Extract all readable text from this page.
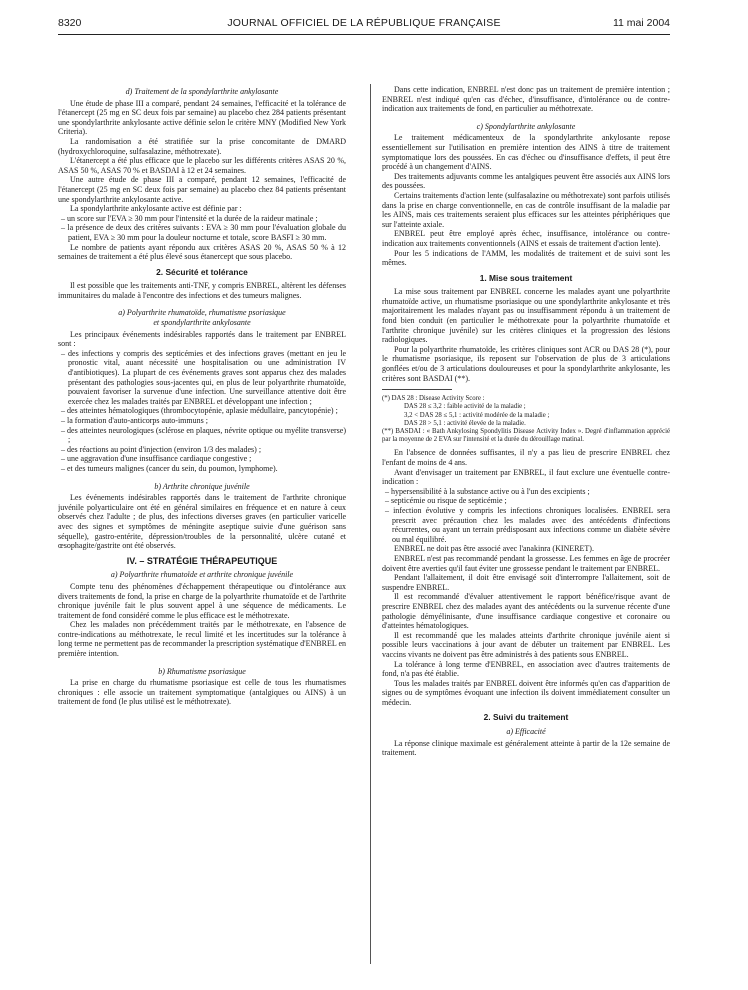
8320	JOURNAL OFFICIEL DE LA RÉPUBLIQUE FRANÇAISE	11 mai 2004
d) Traitement de la spondylarthrite ankylosante

Une étude de phase III a comparé, pendant 24 semaines, l'efficacité et la tolérance de l'étanercept (25 mg en SC deux fois par semaine) au placebo chez 284 patients présentant une spondylarthrite ankylosante active définie selon le critère MNY (Modified New York Criteria).

La randomisation a été stratifiée sur la prise concomitante de DMARD (hydroxychloroquine, sulfasalazine, méthotrexate).

L'étanercept a été plus efficace que le placebo sur les différents critères ASAS 20 %, ASAS 50 %, ASAS 70 % et BASDAI à 12 et 24 semaines.

Une autre étude de phase III a comparé, pendant 12 semaines, l'efficacité de l'étanercept (25 mg en SC deux fois par semaine) au placebo chez 84 patients présentant une spondylarthrite ankylosante active.

La spondylarthrite ankylosante active est définie par :

– un score sur l'EVA ≥ 30 mm pour l'intensité et la durée de la raideur matinale ;
– la présence de deux des critères suivants : EVA ≥ 30 mm pour l'évaluation globale du patient, EVA ≥ 30 mm pour la douleur nocturne et totale, score BASFI ≥ 30 mm.

Le nombre de patients ayant répondu aux critères ASAS 20 %, ASAS 50 % à 12 semaines de traitement a été plus élevé sous étanercept que sous placebo.

2. Sécurité et tolérance

Il est possible que les traitements anti-TNF, y compris ENBREL, altèrent les défenses immunitaires du malade à l'encontre des infections et des tumeurs malignes.

a) Polyarthrite rhumatoïde, rhumatisme psoriasique
et spondylarthrite ankylosante

Les principaux événements indésirables rapportés dans le traitement par ENBREL sont :

– des infections y compris des septicémies et des infections graves (mettant en jeu le pronostic vital, auant nécessité une hospitalisation ou une administration IV d'antibiotiques). La plupart de ces événements graves sont apparus chez des malades présentant des pathologies sous-jacentes qui, en plus de leur polyarthrite rhumatoïde, pouvaient favoriser la survenue d'une infection. Une surveillance attentive doit être exercée chez les malades traités par ENBREL et développant une infection ;
– des atteintes hématologiques (thrombocytopénie, aplasie médullaire, pancytopénie) ;
– la formation d'auto-anticorps auto-immuns ;
– des atteintes neurologiques (sclérose en plaques, névrite optique ou myélite transverse) ;
– des réactions au point d'injection (environ 1/3 des malades) ;
– une aggravation d'une insuffisance cardiaque congestive ;
– et des tumeurs malignes (cancer du sein, du poumon, lymphome).
b) Arthrite chronique juvénile

Les événements indésirables rapportés dans le traitement de l'arthrite chronique juvénile polyarticulaire ont été en général similaires en fréquence et en nature à ceux observés chez l'adulte ; de plus, des infections diverses graves (en particulier varicelle avec des signes et symptômes de méningite aseptique suivie d'une guérison sans séquelle), gastro-entérite, dépression/troubles de la personnalité, ulcère cutané et œsophagite/gastrite ont été observés.

IV. – STRATÉGIE THÉRAPEUTIQUE
a) Polyarthrite rhumatoïde et arthrite chronique juvénile

Compte tenu des phénomènes d'échappement thérapeutique ou d'intolérance aux divers traitements de fond, la prise en charge de la polyarthrite rhumatoïde et de l'arthrite chronique juvénile fait le plus souvent appel à une séquence de médicaments. Le traitement de fond considéré comme le plus efficace est le méthotrexate.

Chez les malades non précédemment traités par le méthotrexate, en l'absence de contre-indications au méthotrexate, le recul limité et les incertitudes sur la tolérance à long terme ne permettent pas de recommander la prescription systématique d'ENBREL en première intention.

b) Rhumatisme psoriasique

La prise en charge du rhumatisme psoriasique est celle de tous les rhumatismes chroniques : elle associe un traitement symptomatique (antalgiques ou AINS) à un traitement de fond (le plus utilisé est le méthotrexate).

Dans cette indication, ENBREL n'est donc pas un traitement de première intention ; ENBREL n'est indiqué qu'en cas d'échec, d'insuffisance, d'intolérance ou de contre-indication aux traitements de fond, en particulier au méthotrexate.

c) Spondylarthrite ankylosante

Le traitement médicamenteux de la spondylarthrite ankylosante repose essentiellement sur l'utilisation en première intention des AINS à titre de traitement symptomatique lors des poussées. En cas d'échec ou d'insuffisance d'effets, il peut être procédé à un changement d'AINS.

Des traitements adjuvants comme les antalgiques peuvent être associés aux AINS lors des poussées.

Certains traitements d'action lente (sulfasalazine ou méthotrexate) sont parfois utilisés dans la prise en charge conventionnelle, en cas de contrôle insuffisant de la maladie par les AINS, mais ces traitements seraient plus efficaces sur les atteintes périphériques que sur l'atteinte axiale.

ENBREL peut être employé après échec, insuffisance, intolérance ou contre-indication aux traitements conventionnels (AINS et essais de traitement d'action lente).

Pour les 5 indications de l'AMM, les modalités de traitement et de suivi sont les mêmes.

1. Mise sous traitement

La mise sous traitement par ENBREL concerne les malades ayant une polyarthrite rhumatoïde active, un rhumatisme psoriasique ou une spondylarthrite ankylosante et très majoritairement les malades n'ayant pas ou insuffisamment répondu à un traitement de fond bien conduit (en particulier le méthotrexate pour la polyarthrite rhumatoïde et l'arthrite chronique juvénile) sur les critères cliniques et la progression des lésions radiologiques.

Pour la polyarthrite rhumatoïde, les critères cliniques sont ACR ou DAS 28 (*), pour le rhumatisme psoriasique, ils reposent sur l'observation de plus de 3 articulations gonflées et/ou de 3 articulations douloureuses et pour la spondylarthrite ankylosante, les critères sont BASDAI (**).

(*) DAS 28 : Disease Activity Score :
DAS 28 ≤ 3,2 : faible activité de la maladie ;
3,2 < DAS 28 ≤ 5,1 : activité modérée de la maladie ;
DAS 28 > 5,1 : activité élevée de la maladie.
(**) BASDAI : « Bath Ankylosing Spondylitis Disease Activity Index ». Degré d'inflammation apprécié par la moyenne de 2 EVA sur l'intensité et la durée du dérouillage matinal.

En l'absence de données suffisantes, il n'y a pas lieu de prescrire ENBREL chez l'enfant de moins de 4 ans.

Avant d'envisager un traitement par ENBREL, il faut exclure une éventuelle contre-indication :

– hypersensibilité à la substance active ou à l'un des excipients ;
– septicémie ou risque de septicémie ;
– infection évolutive y compris les infections chroniques localisées. ENBREL sera prescrit avec précaution chez les malades avec des antécédents d'infections récurrentes, ou ayant un terrain prédisposant aux infections comme un diabète sévère ou mal équilibré.

ENBREL ne doit pas être associé avec l'anakinra (KINERET).

ENBREL n'est pas recommandé pendant la grossesse. Les femmes en âge de procréer doivent être averties qu'il faut éviter une grossesse pendant le traitement par ENBREL.

Pendant l'allaitement, il doit être envisagé soit d'interrompre l'allaitement, soit de suspendre ENBREL.

Il est recommandé d'évaluer attentivement le rapport bénéfice/risque avant de prescrire ENBREL chez des malades ayant des antécédents ou la survenue récente d'une pathologie démyélinisante, d'une insuffisance cardiaque congestive et coronaire ou d'atteintes hématologiques.

Il est recommandé que les malades atteints d'arthrite chronique juvénile aient si possible leurs vaccinations à jour avant de débuter un traitement par ENBREL. Les vaccins vivants ne doivent pas être administrés à des patients sous ENBREL.

La tolérance à long terme d'ENBREL, en association avec d'autres traitements de fond, n'a pas été établie.

Tous les malades traités par ENBREL doivent être informés qu'en cas d'apparition de signes ou de symptômes évoquant une infection ils doivent immédiatement consulter un médecin.

2. Suivi du traitement
a) Efficacité

La réponse clinique maximale est généralement atteinte à partir de la 12e semaine de traitement.
